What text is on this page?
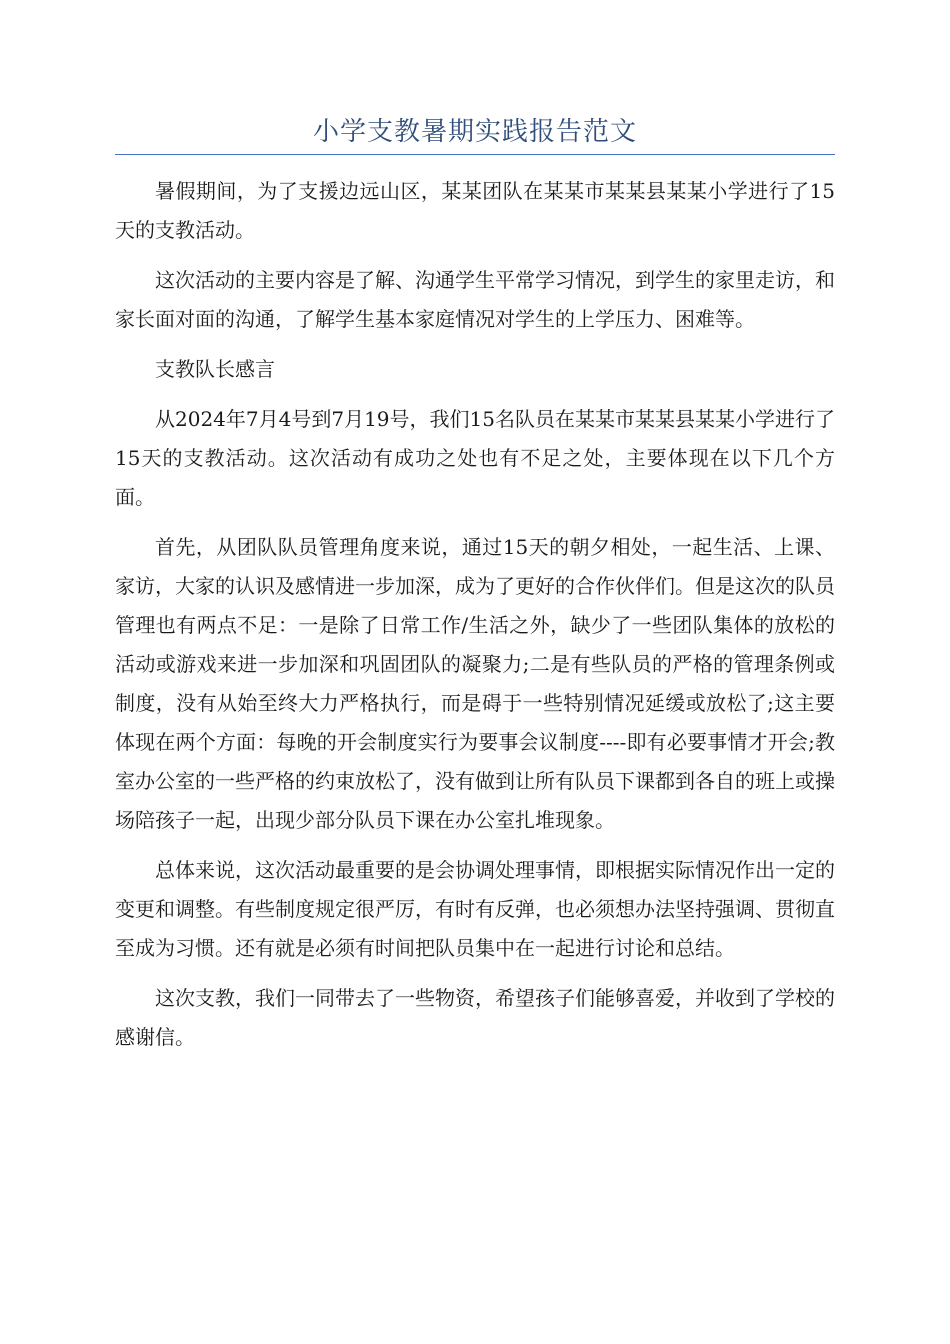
小学支教暑期实践报告范文

暑假期间，为了支援边远山区，某某团队在某某市某某县某某小学进行了15天的支教活动。

这次活动的主要内容是了解、沟通学生平常学习情况，到学生的家里走访，和家长面对面的沟通，了解学生基本家庭情况对学生的上学压力、困难等。

支教队长感言

从2024年7月4号到7月19号，我们15名队员在某某市某某县某某小学进行了15天的支教活动。这次活动有成功之处也有不足之处，主要体现在以下几个方面。

首先，从团队队员管理角度来说，通过15天的朝夕相处，一起生活、上课、家访，大家的认识及感情进一步加深，成为了更好的合作伙伴们。但是这次的队员管理也有两点不足：一是除了日常工作/生活之外，缺少了一些团队集体的放松的活动或游戏来进一步加深和巩固团队的凝聚力;二是有些队员的严格的管理条例或制度，没有从始至终大力严格执行，而是碍于一些特别情况延缓或放松了;这主要体现在两个方面：每晚的开会制度实行为要事会议制度----即有必要事情才开会;教室办公室的一些严格的约束放松了，没有做到让所有队员下课都到各自的班上或操场陪孩子一起，出现少部分队员下课在办公室扎堆现象。

总体来说，这次活动最重要的是会协调处理事情，即根据实际情况作出一定的变更和调整。有些制度规定很严厉，有时有反弹，也必须想办法坚持强调、贯彻直至成为习惯。还有就是必须有时间把队员集中在一起进行讨论和总结。

这次支教，我们一同带去了一些物资，希望孩子们能够喜爱，并收到了学校的感谢信。
